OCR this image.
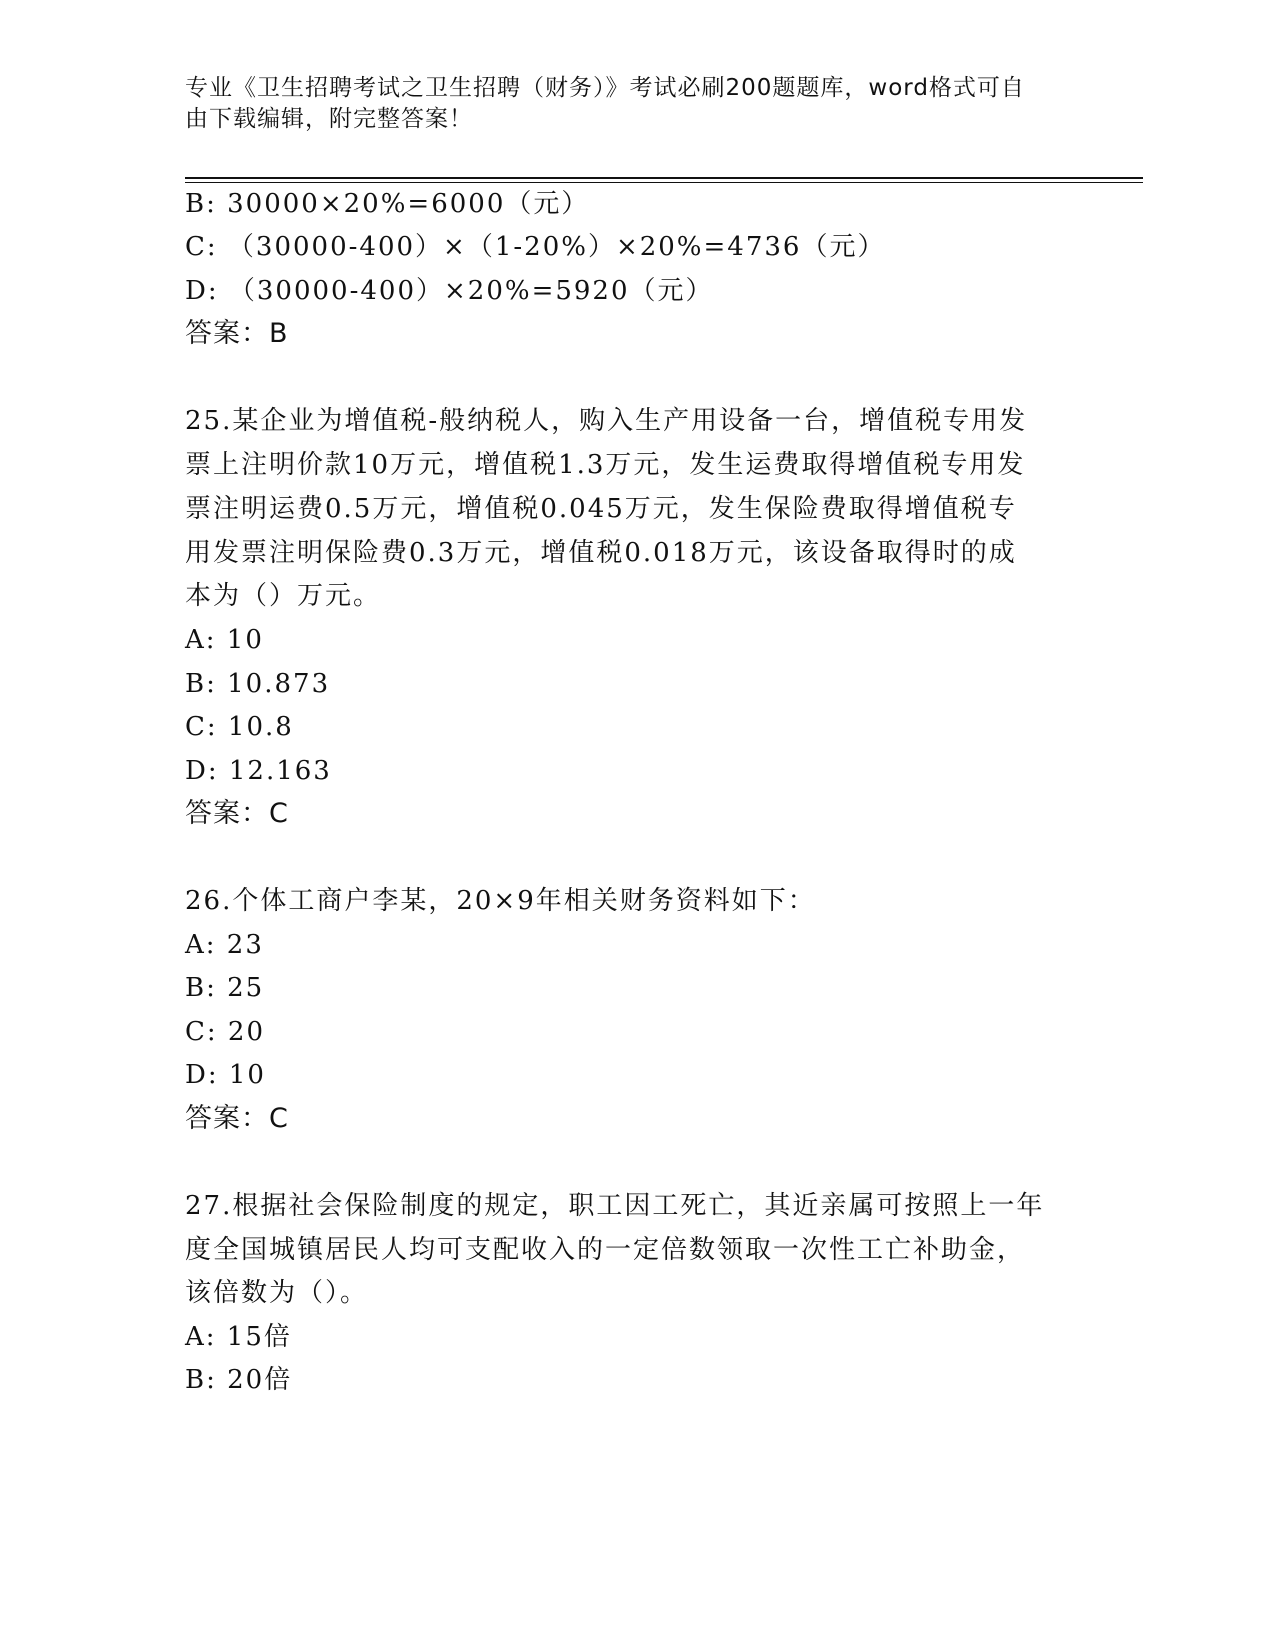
专业《卫生招聘考试之卫生招聘（财务）》考试必刷200题题库，word格式可自
由下载编辑，附完整答案！
B: 30000×20%=6000（元）
C: （30000-400）×（1-20%）×20%=4736（元）
D: （30000-400）×20%=5920（元）
答案：B
25.某企业为增值税-般纳税人，购入生产用设备一台，增值税专用发
票上注明价款10万元，增值税1.3万元，发生运费取得增值税专用发
票注明运费0.5万元，增值税0.045万元，发生保险费取得增值税专
用发票注明保险费0.3万元，增值税0.018万元，该设备取得时的成
本为（）万元。
A: 10
B: 10.873
C: 10.8
D: 12.163
答案：C
26.个体工商户李某，20×9年相关财务资料如下：
A: 23
B: 25
C: 20
D: 10
答案：C
27.根据社会保险制度的规定，职工因工死亡，其近亲属可按照上一年
度全国城镇居民人均可支配收入的一定倍数领取一次性工亡补助金，
该倍数为（）。
A: 15倍
B: 20倍
